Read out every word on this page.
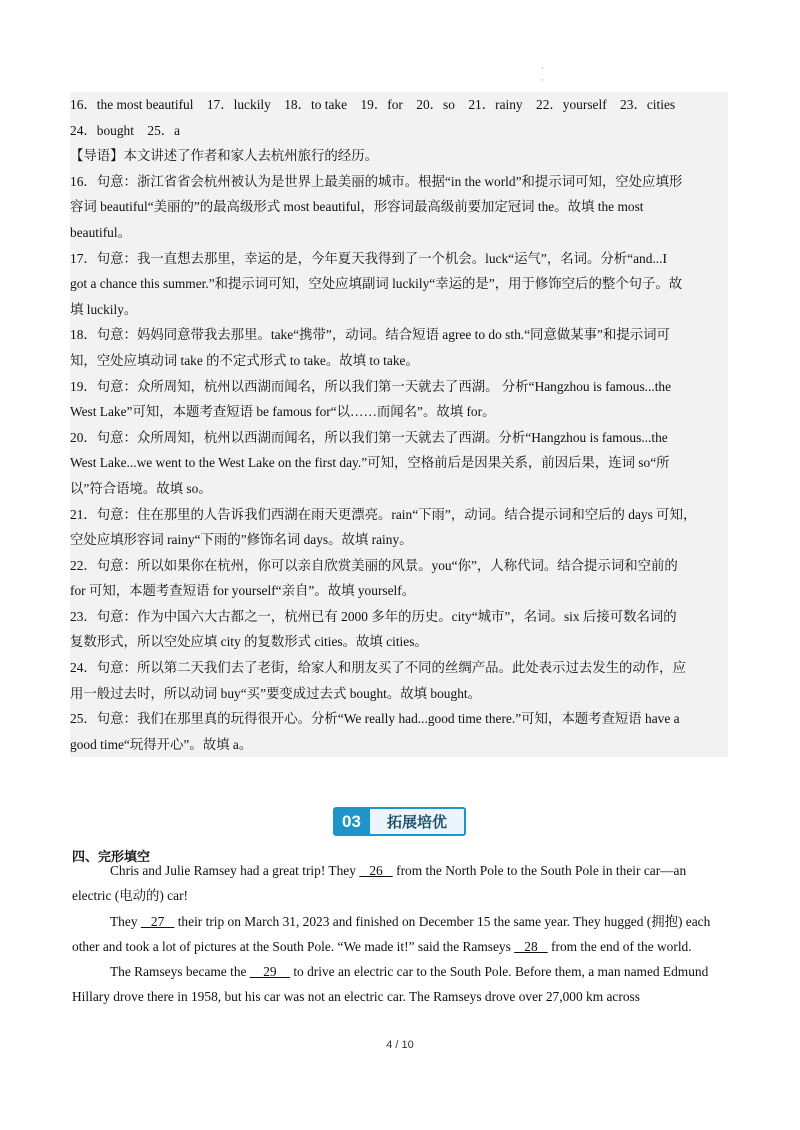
·
·

16．the most beautiful　17．luckily　18．to take　19．for　20．so　21．rainy　22．yourself　23．cities

24．bought　25．a

【导语】本文讲述了作者和家人去杭州旅行的经历。

16．句意：浙江省省会杭州被认为是世界上最美丽的城市。根据“in the world”和提示词可知，空处应填形

容词 beautiful“美丽的”的最高级形式 most beautiful，形容词最高级前要加定冠词 the。故填 the most

beautiful。

17．句意：我一直想去那里，幸运的是，今年夏天我得到了一个机会。luck“运气”，名词。分析“and...I

got a chance this summer.”和提示词可知，空处应填副词 luckily“幸运的是”，用于修饰空后的整个句子。故

填 luckily。

18．句意：妈妈同意带我去那里。take“携带”，动词。结合短语 agree to do sth.“同意做某事”和提示词可

知，空处应填动词 take 的不定式形式 to take。故填 to take。

19．句意：众所周知，杭州以西湖而闻名，所以我们第一天就去了西湖。 分析“Hangzhou is famous...the

West Lake”可知，本题考查短语 be famous for“以……而闻名”。故填 for。

20．句意：众所周知，杭州以西湖而闻名，所以我们第一天就去了西湖。分析“Hangzhou is famous...the

West Lake...we went to the West Lake on the first day.”可知，空格前后是因果关系，前因后果，连词 so“所

以”符合语境。故填 so。

21．句意：住在那里的人告诉我们西湖在雨天更漂亮。rain“下雨”，动词。结合提示词和空后的 days 可知，

空处应填形容词 rainy“下雨的”修饰名词 days。故填 rainy。

22．句意：所以如果你在杭州，你可以亲自欣赏美丽的风景。you“你”，人称代词。结合提示词和空前的

for 可知，本题考查短语 for yourself“亲自”。故填 yourself。

23．句意：作为中国六大古都之一，杭州已有 2000 多年的历史。city“城市”，名词。six 后接可数名词的

复数形式，所以空处应填 city 的复数形式 cities。故填 cities。

24．句意：所以第二天我们去了老街，给家人和朋友买了不同的丝绸产品。此处表示过去发生的动作，应

用一般过去时，所以动词 buy“买”要变成过去式 bought。故填 bought。

25．句意：我们在那里真的玩得很开心。分析“We really had...good time there.”可知，本题考查短语 have a

good time“玩得开心”。故填 a。

03	拓展培优
四、完形填空

Chris and Julie Ramsey had a great trip! They    26    from the North Pole to the South Pole in their car—an electric (电动的) car!

They    27    their trip on March 31, 2023 and finished on December 15 the same year. They hugged (拥抱) each other and took a lot of pictures at the South Pole. “We made it!” said the Ramseys    28    from the end of the world.

The Ramseys became the     29     to drive an electric car to the South Pole. Before them, a man named Edmund Hillary drove there in 1958, but his car was not an electric car. The Ramseys drove over 27,000 km across

4 / 10
